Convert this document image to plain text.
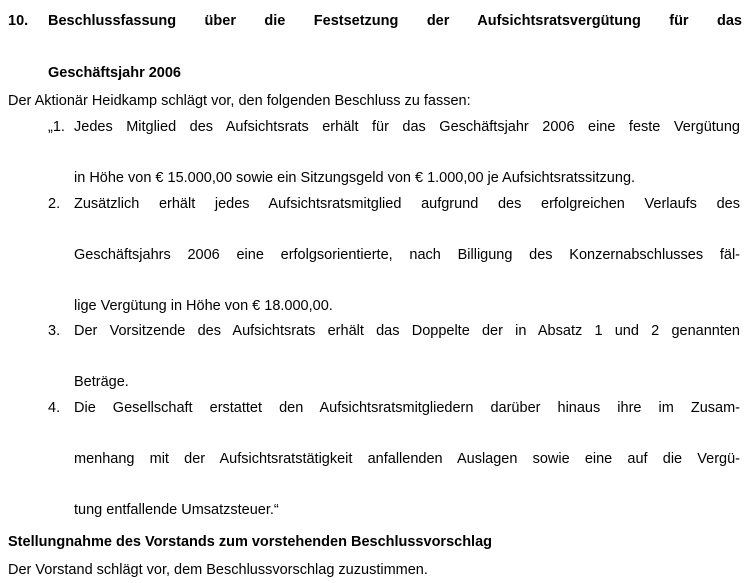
10.	Beschlussfassung über die Festsetzung der Aufsichtsratsvergütung für das
Geschäftsjahr 2006
Der Aktionär Heidkamp schlägt vor, den folgenden Beschluss zu fassen:
„1. Jedes Mitglied des Aufsichtsrats erhält für das Geschäftsjahr 2006 eine feste Vergütung
in Höhe von € 15.000,00 sowie ein Sitzungsgeld von € 1.000,00 je Aufsichtsratssitzung.
2. Zusätzlich erhält jedes Aufsichtsratsmitglied aufgrund des erfolgreichen Verlaufs des
Geschäftsjahrs 2006 eine erfolgsorientierte, nach Billigung des Konzernabschlusses fäl-
lige Vergütung in Höhe von € 18.000,00.
3. Der Vorsitzende des Aufsichtsrats erhält das Doppelte der in Absatz 1 und 2 genannten
Beträge.
4. Die Gesellschaft erstattet den Aufsichtsratsmitgliedern darüber hinaus ihre im Zusam-
menhang mit der Aufsichtsratstätigkeit anfallenden Auslagen sowie eine auf die Vergü-
tung entfallende Umsatzsteuer.“
Stellungnahme des Vorstands zum vorstehenden Beschlussvorschlag
Der Vorstand schlägt vor, dem Beschlussvorschlag zuzustimmen.
